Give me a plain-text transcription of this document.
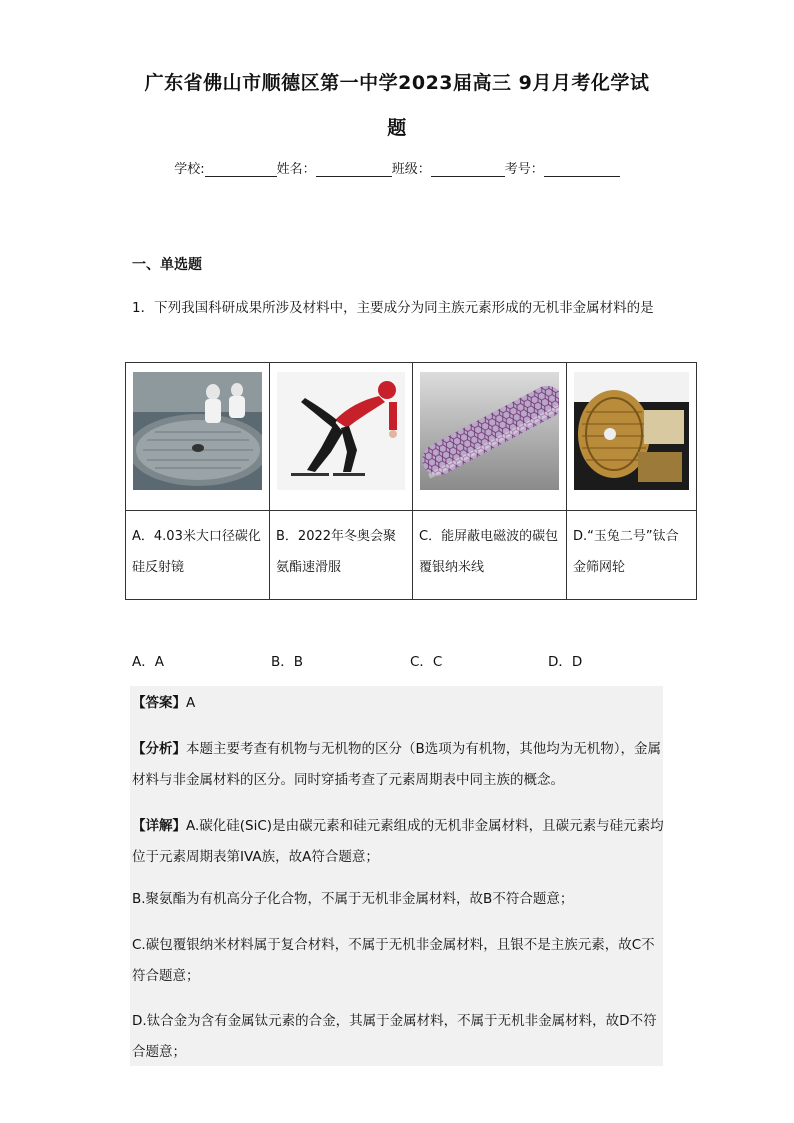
广东省佛山市顺德区第一中学2023届高三 9月月考化学试
题
学校:	姓名：	班级：	考号：
一、单选题
1．下列我国科研成果所涉及材料中，主要成分为同主族元素形成的无机非金属材料的是

A．4.03米大口径碳化硅反射镜	B．2022年冬奥会聚氨酯速滑服	C．能屏蔽电磁波的碳包覆银纳米线	D.“玉兔二号”钛合金筛网轮
A．A	B．B	C．C	D．D
【答案】A
【分析】本题主要考查有机物与无机物的区分（B选项为有机物，其他均为无机物），金属材料与非金属材料的区分。同时穿插考查了元素周期表中同主族的概念。
【详解】A.碳化硅(SiC)是由碳元素和硅元素组成的无机非金属材料，且碳元素与硅元素均位于元素周期表第IVA族，故A符合题意；
B.聚氨酯为有机高分子化合物，不属于无机非金属材料，故B不符合题意；
C.碳包覆银纳米材料属于复合材料，不属于无机非金属材料，且银不是主族元素，故C不符合题意；
D.钛合金为含有金属钛元素的合金，其属于金属材料，不属于无机非金属材料，故D不符合题意；
